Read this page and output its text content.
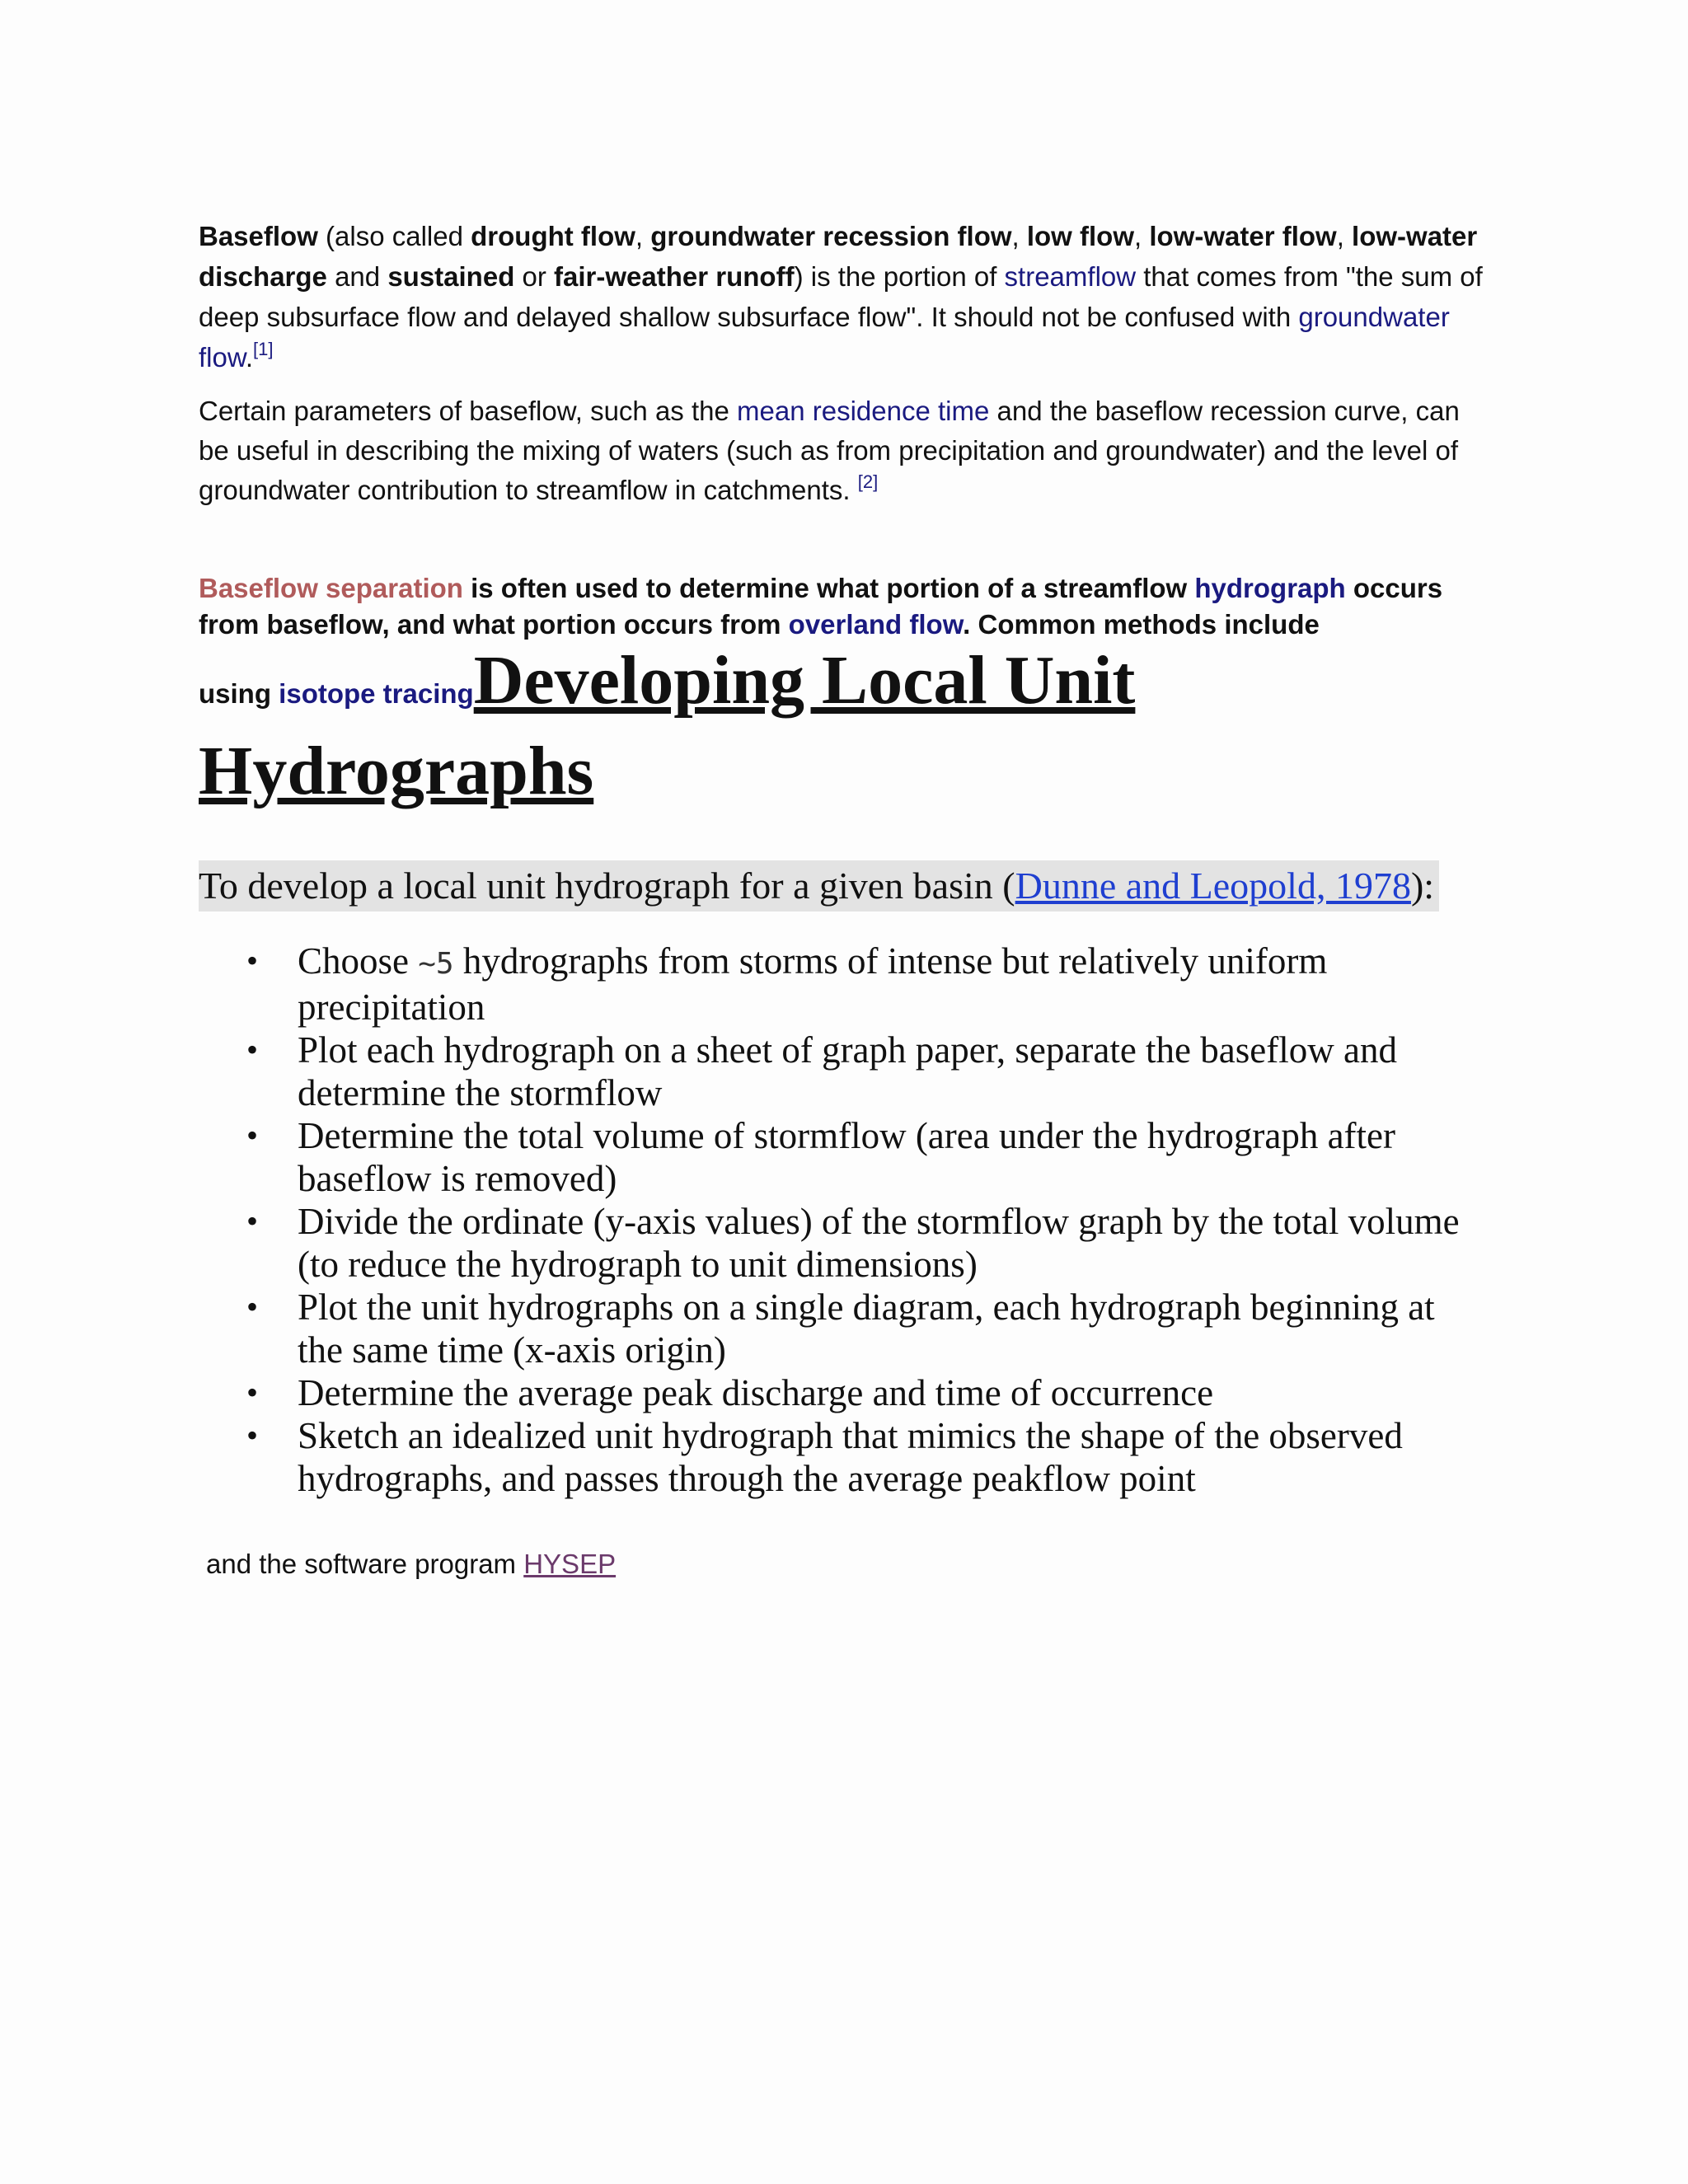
Baseflow (also called drought flow, groundwater recession flow, low flow, low-water flow, low-water discharge and sustained or fair-weather runoff) is the portion of streamflow that comes from "the sum of deep subsurface flow and delayed shallow subsurface flow". It should not be confused with groundwater flow.[1]

Certain parameters of baseflow, such as the mean residence time and the baseflow recession curve, can be useful in describing the mixing of waters (such as from precipitation and groundwater) and the level of groundwater contribution to streamflow in catchments. [2]

Baseflow separation is often used to determine what portion of a streamflow hydrograph occurs from baseflow, and what portion occurs from overland flow. Common methods include

using isotope tracingDeveloping Local Unit
Hydrographs
To develop a local unit hydrograph for a given basin (Dunne and Leopold, 1978):
• Choose ~5 hydrographs from storms of intense but relatively uniform precipitation
• Plot each hydrograph on a sheet of graph paper, separate the baseflow and determine the stormflow
• Determine the total volume of stormflow (area under the hydrograph after baseflow is removed)
• Divide the ordinate (y-axis values) of the stormflow graph by the total volume (to reduce the hydrograph to unit dimensions)
• Plot the unit hydrographs on a single diagram, each hydrograph beginning at the same time (x-axis origin)
• Determine the average peak discharge and time of occurrence
• Sketch an idealized unit hydrograph that mimics the shape of the observed hydrographs, and passes through the average peakflow point
and the software program HYSEP
